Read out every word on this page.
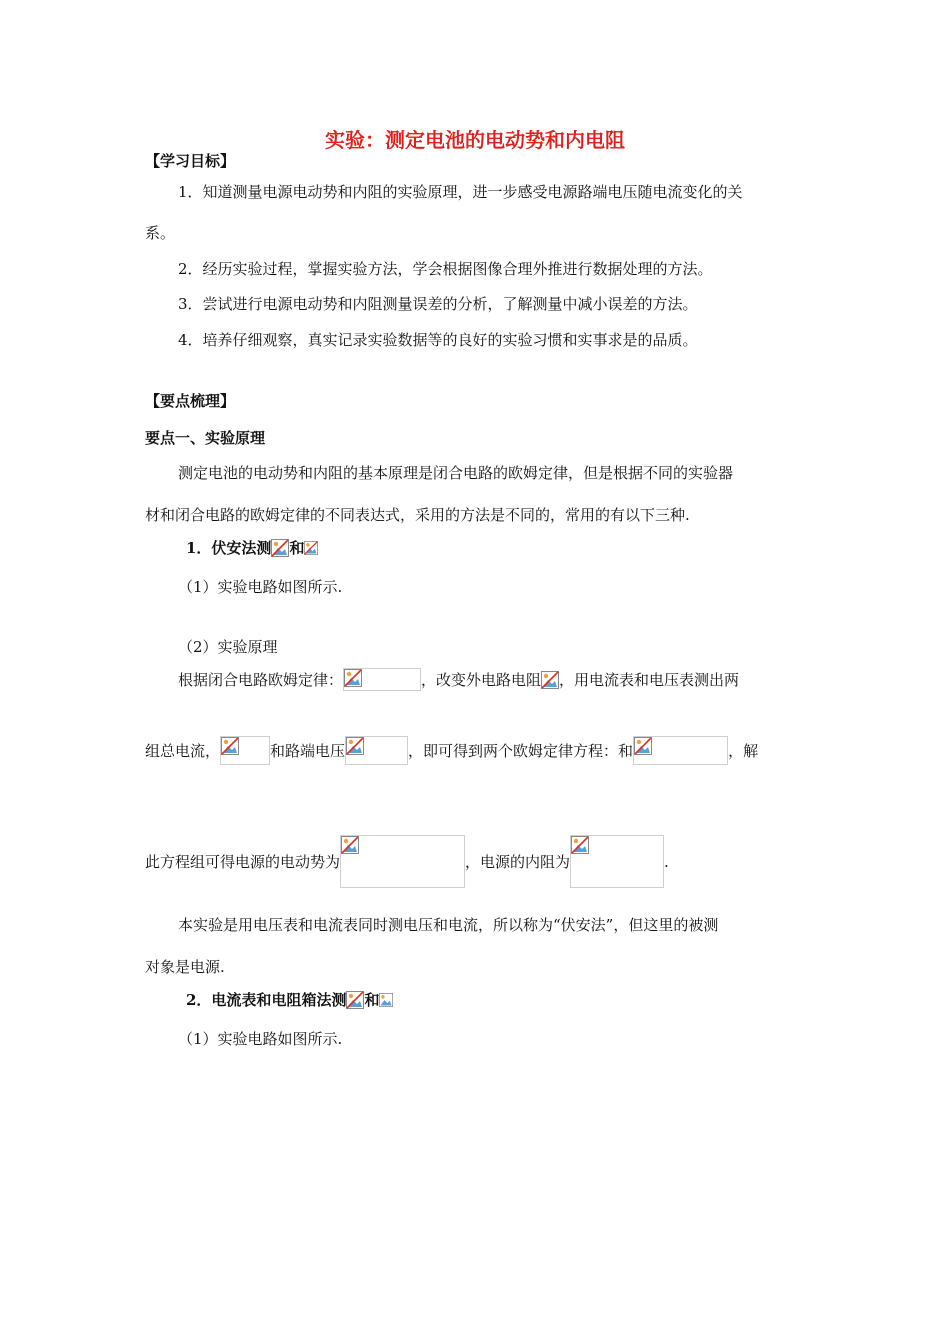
实验：测定电池的电动势和内电阻
【学习目标】
1．知道测量电源电动势和内阻的实验原理，进一步感受电源路端电压随电流变化的关
系。
2．经历实验过程，掌握实验方法，学会根据图像合理外推进行数据处理的方法。
3．尝试进行电源电动势和内阻测量误差的分析，了解测量中减小误差的方法。
4．培养仔细观察，真实记录实验数据等的良好的实验习惯和实事求是的品质。
【要点梳理】
要点一、实验原理
测定电池的电动势和内阻的基本原理是闭合电路的欧姆定律，但是根据不同的实验器
材和闭合电路的欧姆定律的不同表达式，采用的方法是不同的，常用的有以下三种.
1．伏安法测 和
（1）实验电路如图所示.
（2）实验原理
根据闭合电路欧姆定律：	，改变外电路电阻 ，用电流表和电压表测出两
组总电流，	和路端电压	，即可得到两个欧姆定律方程： 和	，解
此方程组可得电源的电动势为	，电源的内阻为	.
本实验是用电压表和电流表同时测电压和电流，所以称为“伏安法”，但这里的被测
对象是电源.
2．电流表和电阻箱法测 和
（1）实验电路如图所示.
